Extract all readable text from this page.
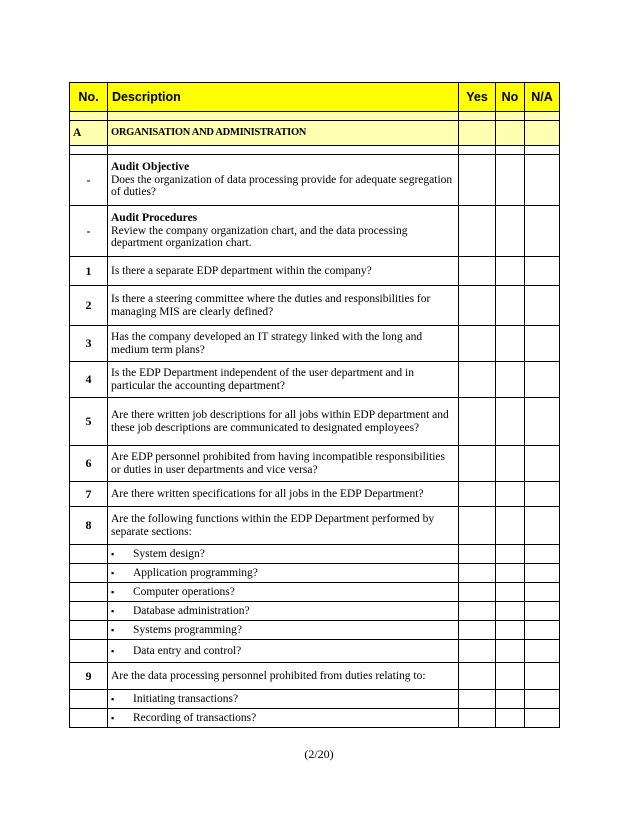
No.	Description	Yes	No	N/A

A	ORGANISATION AND ADMINISTRATION			

-	Audit Objective
Does the organization of data processing provide for adequate segregation of duties?			
-	Audit Procedures
Review the company organization chart, and the data processing department organization chart.			
1	Is there a separate EDP department within the company?			
2	Is there a steering committee where the duties and responsibilities for managing MIS are clearly defined?			
3	Has the company developed an IT strategy linked with the long and medium term plans?			
4	Is the EDP Department independent of the user department and in particular the accounting department?			
5	Are there written job descriptions for all jobs within EDP department and these job descriptions are communicated to designated employees?			
6	Are EDP personnel prohibited from having incompatible responsibilities or duties in user departments and vice versa?			
7	Are there written specifications for all jobs in the EDP Department?			
8	Are the following functions within the EDP Department performed by separate sections:			
	▪ System design?			
	▪ Application programming?			
	▪ Computer operations?			
	▪ Database administration?			
	▪ Systems programming?			
	▪ Data entry and control?			
9	Are the data processing personnel prohibited from duties relating to:			
	▪ Initiating transactions?			
	▪ Recording of transactions?			
(2/20)
